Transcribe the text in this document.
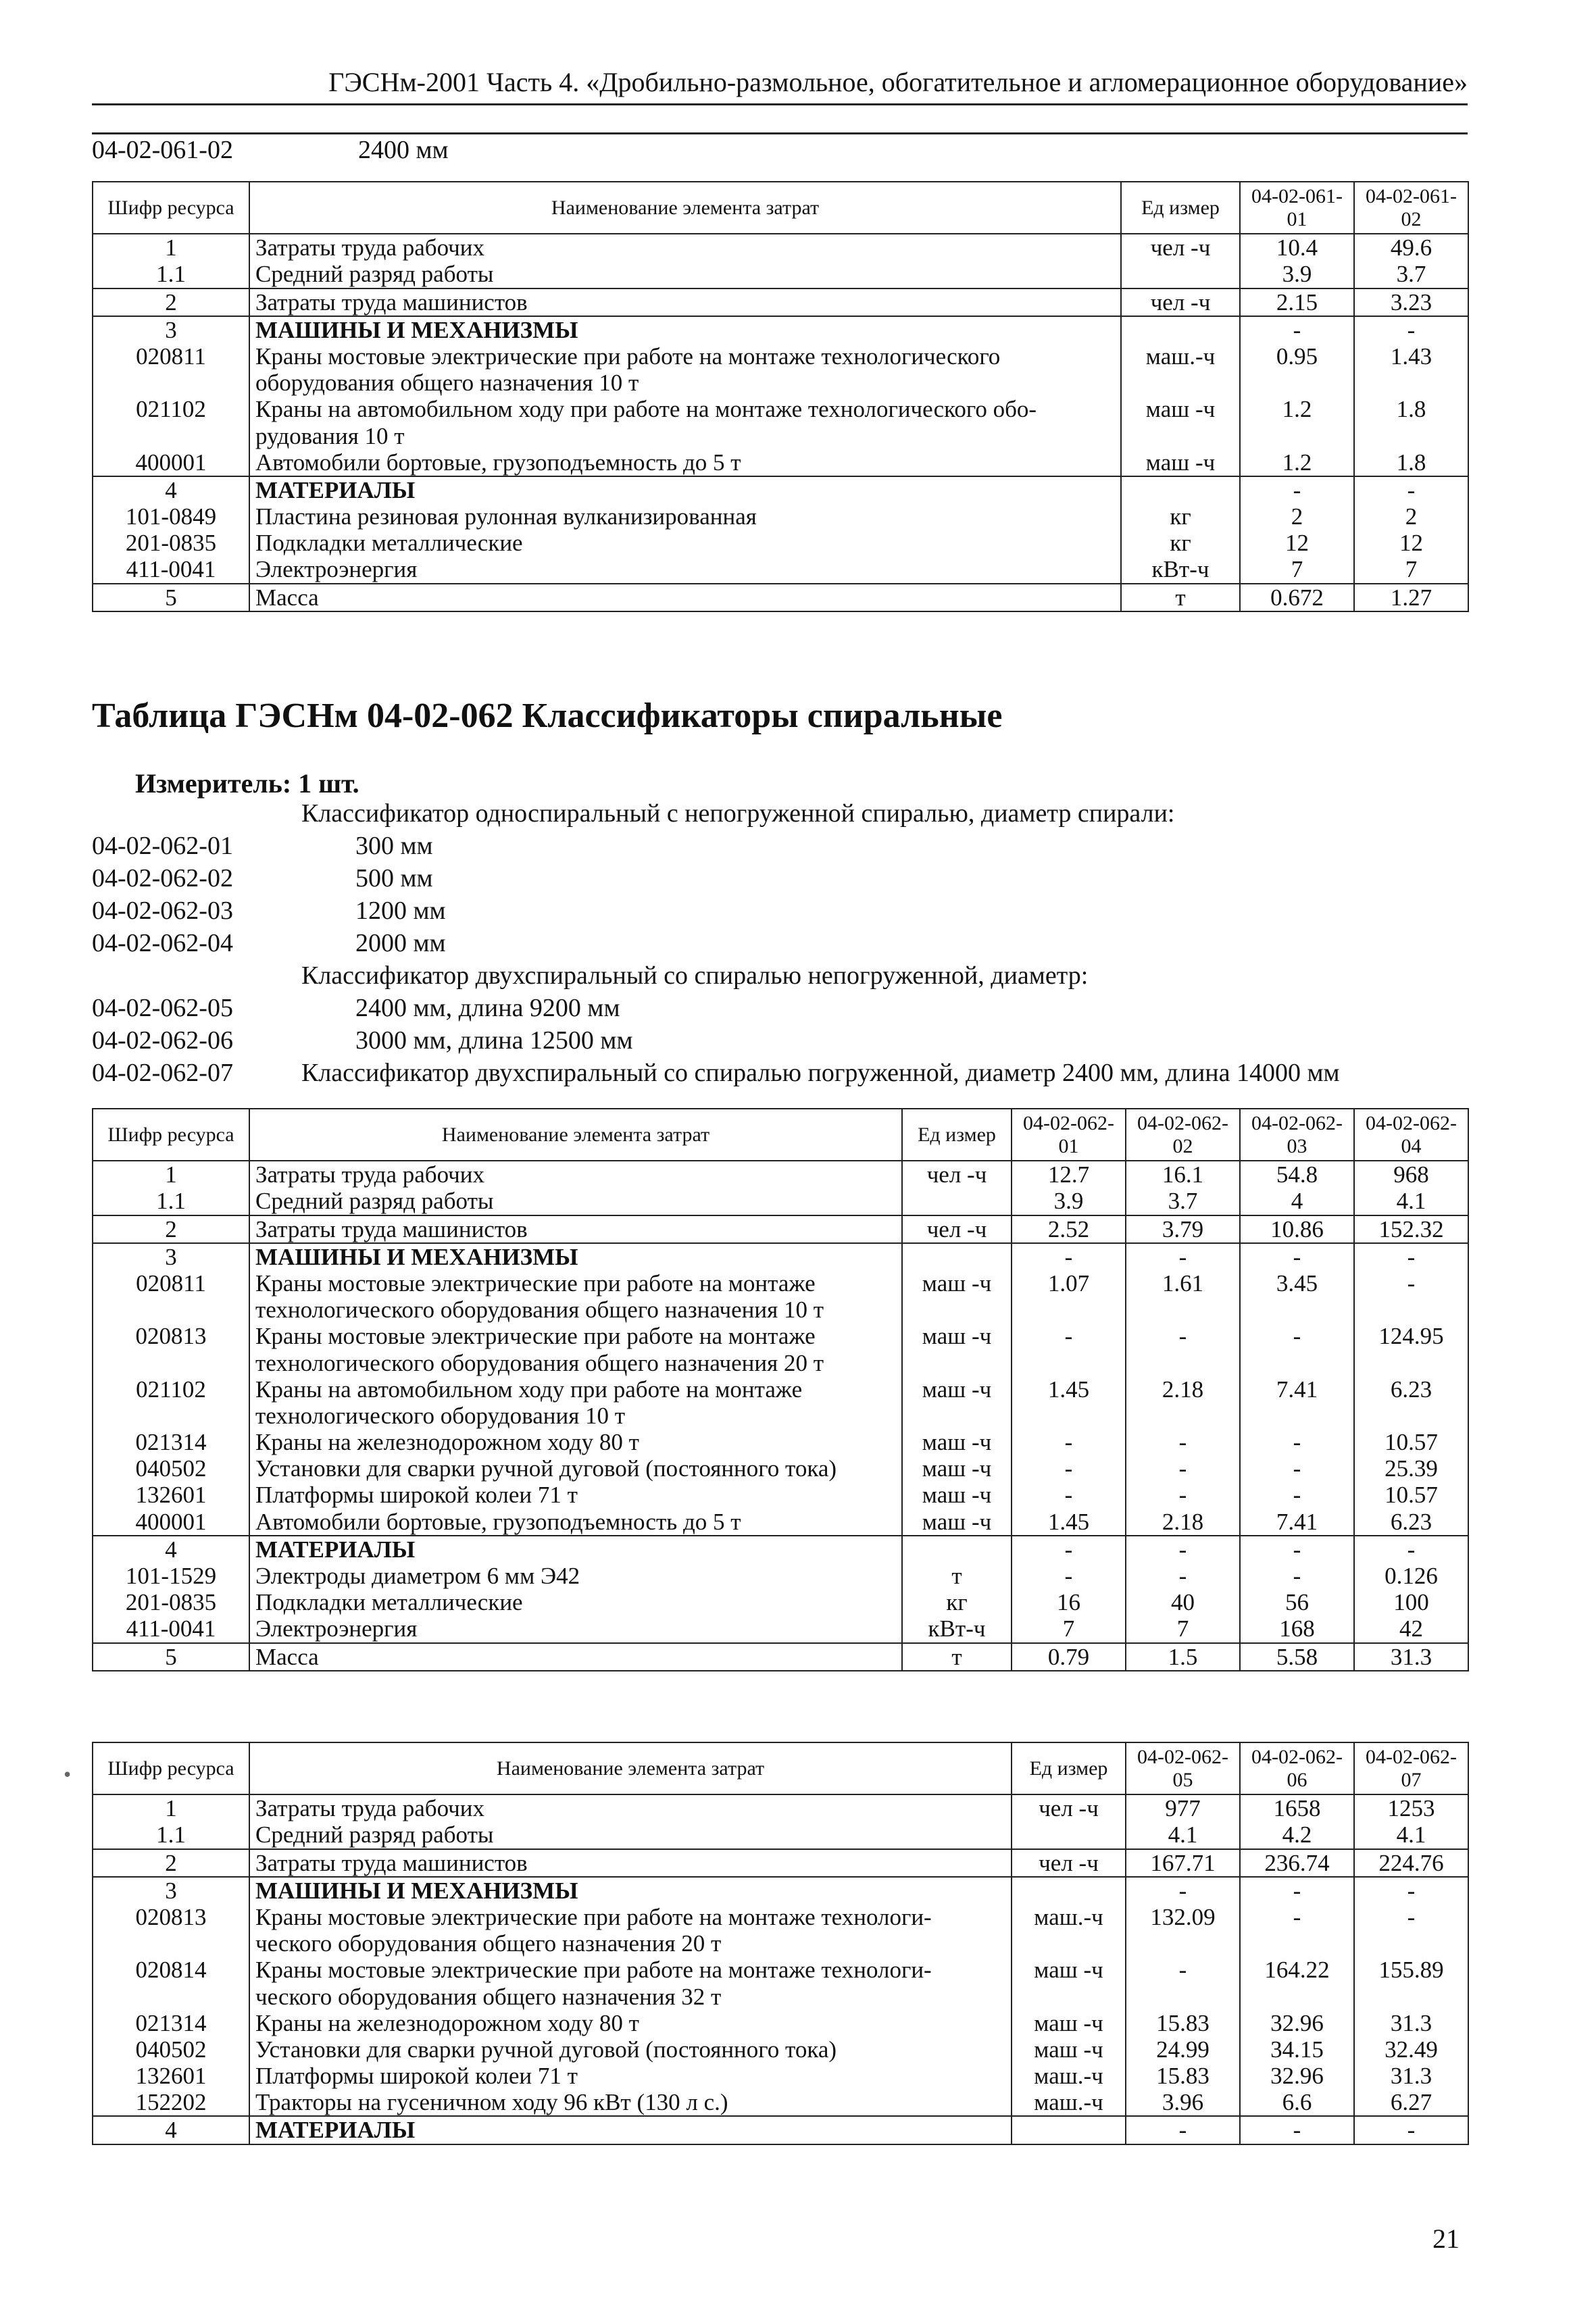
ГЭСНм-2001 Часть 4. «Дробильно-размольное, обогатительное и агломерационное оборудование»
04-02-061-02	2400 мм
Шифр ресурса	Наименование элемента затрат	Ед измер	04-02-061-01	04-02-061-02
1	Затраты труда рабочих	чел -ч	10.4	49.6
1.1	Средний разряд работы		3.9	3.7
2	Затраты труда машинистов	чел -ч	2.15	3.23
3	МАШИНЫ И МЕХАНИЗМЫ		-	-
020811	Краны мостовые электрические при работе на монтаже технологического оборудования общего назначения 10 т	маш.-ч	0.95	1.43
021102	Краны на автомобильном ходу при работе на монтаже технологического обо-рудования 10 т	маш -ч	1.2	1.8
400001	Автомобили бортовые, грузоподъемность до 5 т	маш -ч	1.2	1.8
4	МАТЕРИАЛЫ		-	-
101-0849	Пластина резиновая рулонная вулканизированная	кг	2	2
201-0835	Подкладки металлические	кг	12	12
411-0041	Электроэнергия	кВт-ч	7	7
5	Масса	т	0.672	1.27
Таблица ГЭСНм 04-02-062 Классификаторы спиральные
Измеритель: 1 шт.
Классификатор односпиральный с непогруженной спиралью, диаметр спирали:
04-02-062-01	300 мм
04-02-062-02	500 мм
04-02-062-03	1200 мм
04-02-062-04	2000 мм
Классификатор двухспиральный со спиралью непогруженной, диаметр:
04-02-062-05	2400 мм, длина 9200 мм
04-02-062-06	3000 мм, длина 12500 мм
04-02-062-07	Классификатор двухспиральный со спиралью погруженной, диаметр 2400 мм, длина 14000 мм
Шифр ресурса	Наименование элемента затрат	Ед измер	04-02-062-01	04-02-062-02	04-02-062-03	04-02-062-04
1	Затраты труда рабочих	чел -ч	12.7	16.1	54.8	968
1.1	Средний разряд работы		3.9	3.7	4	4.1
2	Затраты труда машинистов	чел -ч	2.52	3.79	10.86	152.32
3	МАШИНЫ И МЕХАНИЗМЫ		-	-	-	-
020811	Краны мостовые электрические при работе на монтаже технологического оборудования общего назначения 10 т	маш -ч	1.07	1.61	3.45	-
020813	Краны мостовые электрические при работе на монтаже технологического оборудования общего назначения 20 т	маш -ч	-	-	-	124.95
021102	Краны на автомобильном ходу при работе на монтаже технологического оборудования 10 т	маш -ч	1.45	2.18	7.41	6.23
021314	Краны на железнодорожном ходу 80 т	маш -ч	-	-	-	10.57
040502	Установки для сварки ручной дуговой (постоянного тока)	маш -ч	-	-	-	25.39
132601	Платформы широкой колеи 71 т	маш -ч	-	-	-	10.57
400001	Автомобили бортовые, грузоподъемность до 5 т	маш -ч	1.45	2.18	7.41	6.23
4	МАТЕРИАЛЫ		-	-	-	-
101-1529	Электроды диаметром 6 мм Э42	т	-	-	-	0.126
201-0835	Подкладки металлические	кг	16	40	56	100
411-0041	Электроэнергия	кВт-ч	7	7	168	42
5	Масса	т	0.79	1.5	5.58	31.3
Шифр ресурса	Наименование элемента затрат	Ед измер	04-02-062-05	04-02-062-06	04-02-062-07
1	Затраты труда рабочих	чел -ч	977	1658	1253
1.1	Средний разряд работы		4.1	4.2	4.1
2	Затраты труда машинистов	чел -ч	167.71	236.74	224.76
3	МАШИНЫ И МЕХАНИЗМЫ		-	-	-
020813	Краны мостовые электрические при работе на монтаже технологи-ческого оборудования общего назначения 20 т	маш.-ч	132.09	-	-
020814	Краны мостовые электрические при работе на монтаже технологи-ческого оборудования общего назначения 32 т	маш -ч	-	164.22	155.89
021314	Краны на железнодорожном ходу 80 т	маш -ч	15.83	32.96	31.3
040502	Установки для сварки ручной дуговой (постоянного тока)	маш -ч	24.99	34.15	32.49
132601	Платформы широкой колеи 71 т	маш.-ч	15.83	32.96	31.3
152202	Тракторы на гусеничном ходу 96 кВт (130 л с.)	маш.-ч	3.96	6.6	6.27
4	МАТЕРИАЛЫ		-	-	-
•
21
